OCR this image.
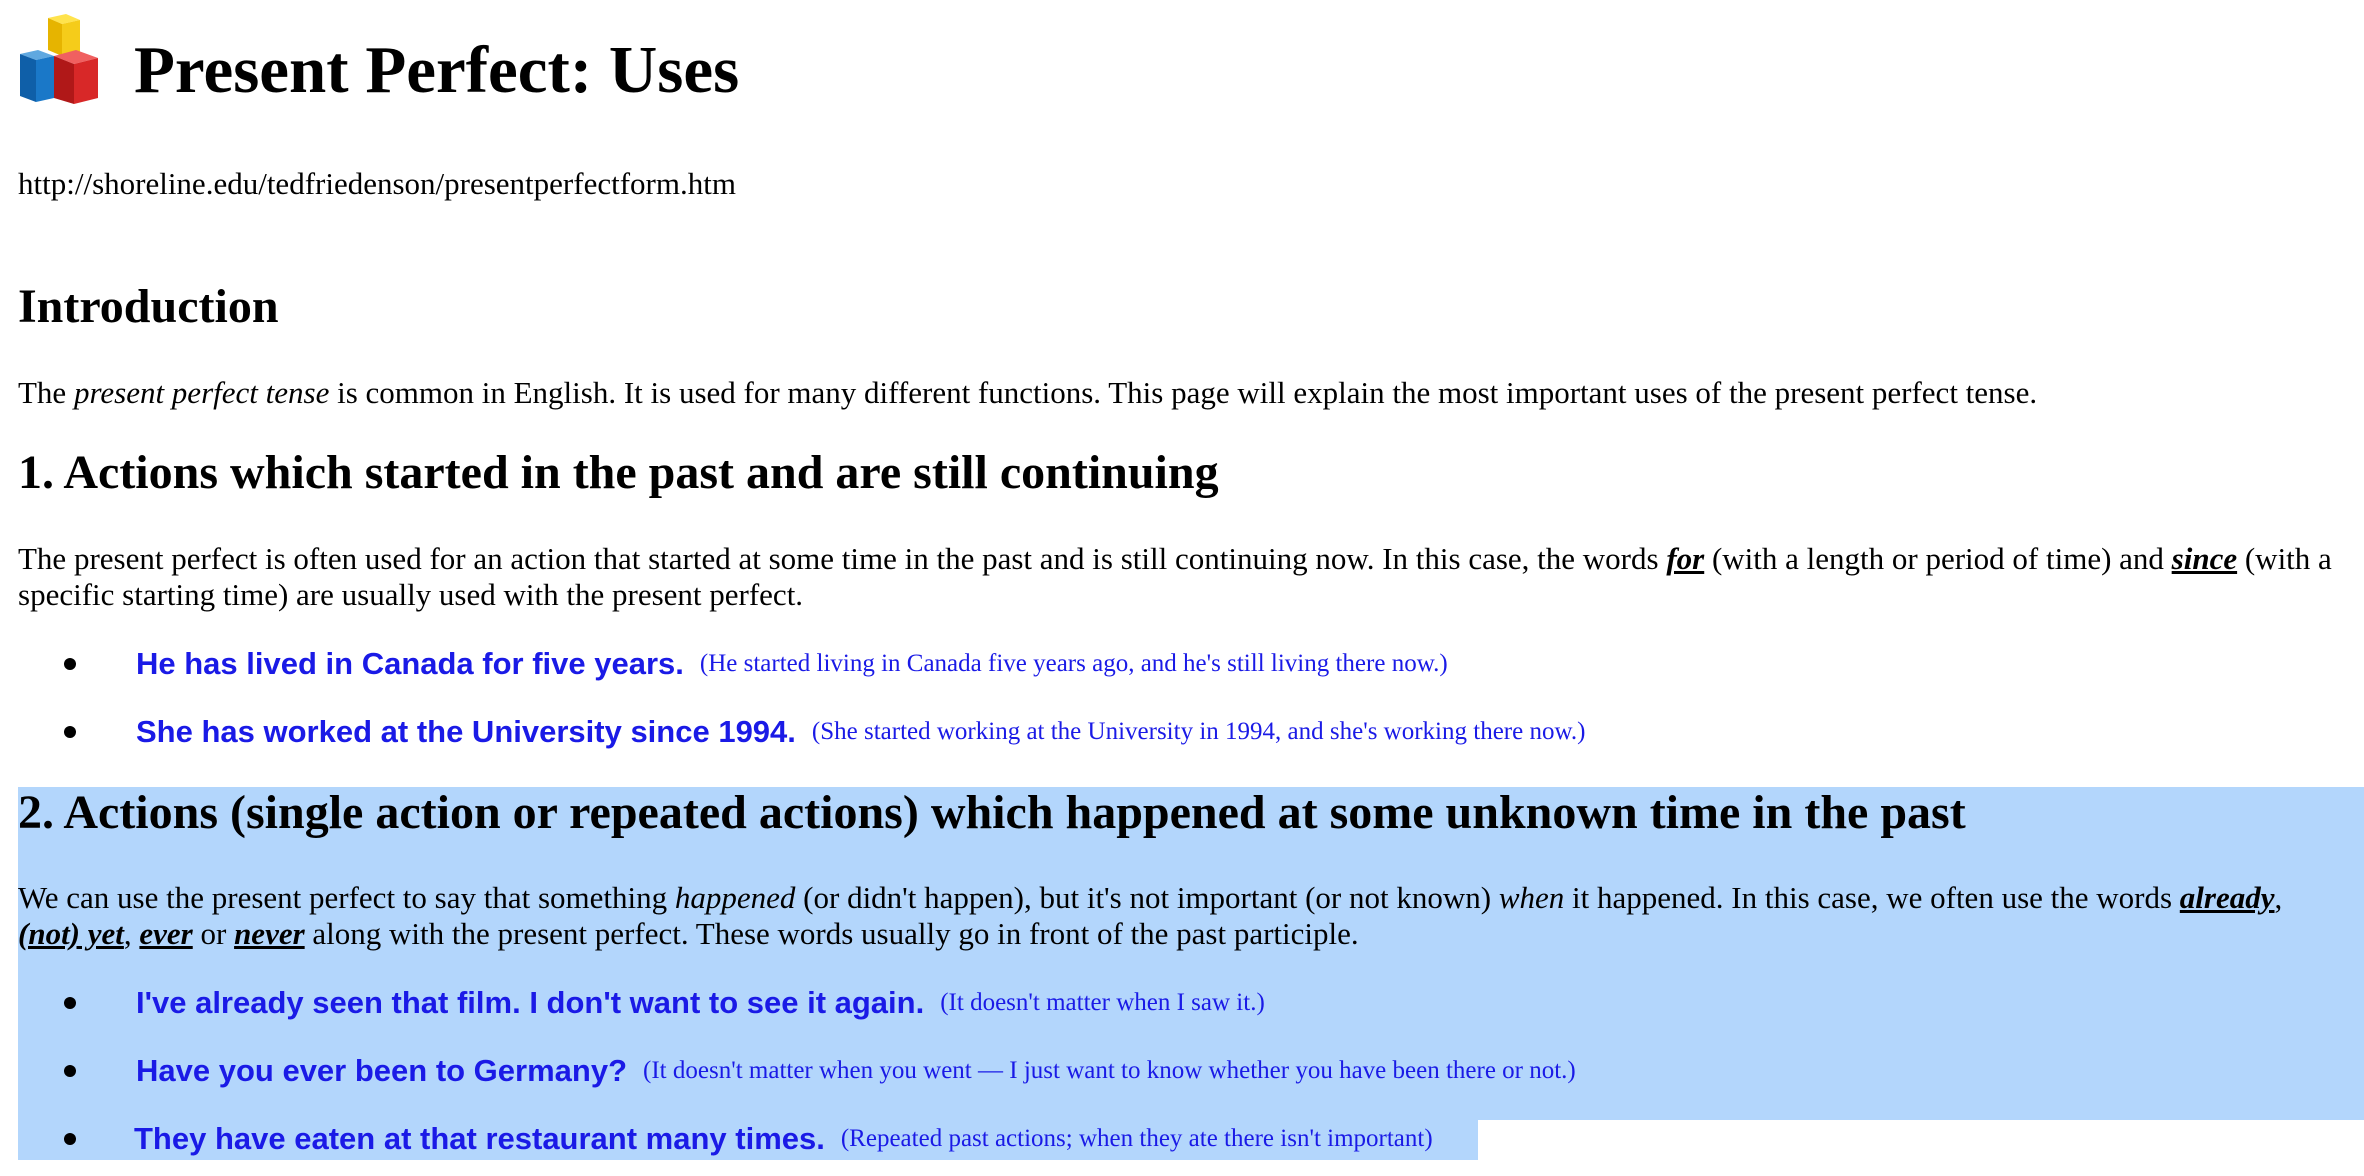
Present Perfect: Uses
http://shoreline.edu/tedfriedenson/presentperfectform.htm
Introduction

The present perfect tense is common in English. It is used for many different functions. This page will explain the most important uses of the present perfect tense.

1. Actions which started in the past and are still continuing

The present perfect is often used for an action that started at some time in the past and is still continuing now. In this case, the words for (with a length or period of time) and since (with a specific starting time) are usually used with the present perfect.

He has lived in Canada for five years. (He started living in Canada five years ago, and he's still living there now.)
She has worked at the University since 1994. (She started working at the University in 1994, and she's working there now.)
2. Actions (single action or repeated actions) which happened at some unknown time in the past

We can use the present perfect to say that something happened (or didn't happen), but it's not important (or not known) when it happened. In this case, we often use the words already, (not) yet, ever or never along with the present perfect. These words usually go in front of the past participle.

I've already seen that film. I don't want to see it again. (It doesn't matter when I saw it.)
Have you ever been to Germany? (It doesn't matter when you went — I just want to know whether you have been there or not.)
They have eaten at that restaurant many times. (Repeated past actions; when they ate there isn't important)
